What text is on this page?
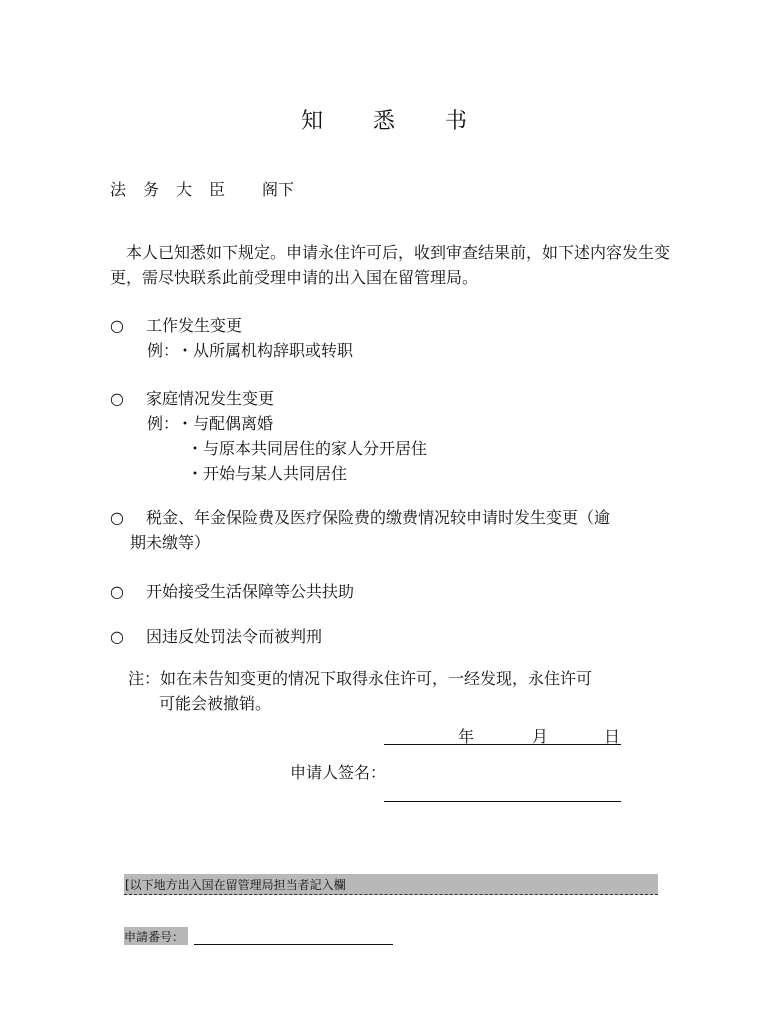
知　悉　书
法务大臣 阁下
本人已知悉如下规定。申请永住许可后，收到审查结果前，如下述内容发生变更，需尽快联系此前受理申请的出入国在留管理局。
○ 工作发生变更
例： ・从所属机构辞职或转职
○ 家庭情况发生变更
例： ・与配偶离婚
・与原本共同居住的家人分开居住
・开始与某人共同居住
○ 税金、年金保险费及医疗保险费的缴费情况较申请时发生变更（逾
期未缴等）
○ 开始接受生活保障等公共扶助
○ 因违反处罚法令而被判刑
注：如在未告知变更的情况下取得永住许可，一经发现，永住许可
可能会被撤销。
年	月	日
申请人签名：
[以下地方出入国在留管理局担当者記入欄
申請番号：
